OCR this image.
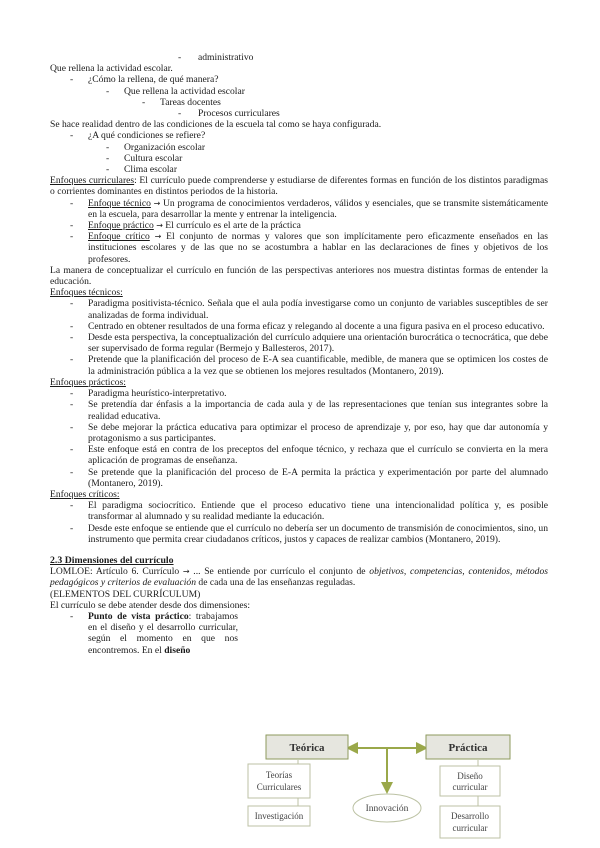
- administrativo
Que rellena la actividad escolar.
- ¿Cómo la rellena, de qué manera?
- Que rellena la actividad escolar
- Tareas docentes
- Procesos curriculares
Se hace realidad dentro de las condiciones de la escuela tal como se haya configurada.
- ¿A qué condiciones se refiere?
- Organización escolar
- Cultura escolar
- Clima escolar
Enfoques curriculares: El currículo puede comprenderse y estudiarse de diferentes formas en función de los distintos paradigmas o corrientes dominantes en distintos periodos de la historia.
- Enfoque técnico → Un programa de conocimientos verdaderos, válidos y esenciales, que se transmite sistemáticamente en la escuela, para desarrollar la mente y entrenar la inteligencia.
- Enfoque práctico → El currículo es el arte de la práctica
- Enfoque crítico → El conjunto de normas y valores que son implícitamente pero eficazmente enseñados en las instituciones escolares y de las que no se acostumbra a hablar en las declaraciones de fines y objetivos de los profesores.
La manera de conceptualizar el currículo en función de las perspectivas anteriores nos muestra distintas formas de entender la educación.
Enfoques técnicos:
- Paradigma positivista-técnico. Señala que el aula podía investigarse como un conjunto de variables susceptibles de ser analizadas de forma individual.
- Centrado en obtener resultados de una forma eficaz y relegando al docente a una figura pasiva en el proceso educativo.
- Desde esta perspectiva, la conceptualización del currículo adquiere una orientación burocrática o tecnocrática, que debe ser supervisado de forma regular (Bermejo y Ballesteros, 2017).
- Pretende que la planificación del proceso de E-A sea cuantificable, medible, de manera que se optimicen los costes de la administración pública a la vez que se obtienen los mejores resultados (Montanero, 2019).
Enfoques prácticos:
- Paradigma heurístico-interpretativo.
- Se pretendía dar énfasis a la importancia de cada aula y de las representaciones que tenían sus integrantes sobre la realidad educativa.
- Se debe mejorar la práctica educativa para optimizar el proceso de aprendizaje y, por eso, hay que dar autonomía y protagonismo a sus participantes.
- Este enfoque está en contra de los preceptos del enfoque técnico, y rechaza que el currículo se convierta en la mera aplicación de programas de enseñanza.
- Se pretende que la planificación del proceso de E-A permita la práctica y experimentación por parte del alumnado (Montanero, 2019).
Enfoques críticos:
- El paradigma sociocrítico. Entiende que el proceso educativo tiene una intencionalidad política y, es posible transformar al alumnado y su realidad mediante la educación.
- Desde este enfoque se entiende que el currículo no debería ser un documento de transmisión de conocimientos, sino, un instrumento que permita crear ciudadanos críticos, justos y capaces de realizar cambios (Montanero, 2019).
2.3 Dimensiones del currículo
LOMLOE: Artículo 6. Currículo → ... Se entiende por currículo el conjunto de objetivos, competencias, contenidos, métodos pedagógicos y criterios de evaluación de cada una de las enseñanzas reguladas.
(ELEMENTOS DEL CURRÍCULUM)
El currículo se debe atender desde dos dimensiones:
- Punto de vista práctico: trabajamos en el diseño y el desarrollo curricular, según el momento en que nos encontremos. En el diseño
Teórica	Práctica
Teorías
Curriculares
Investigación
Innovación
Diseño
curricular
Desarrollo
curricular
